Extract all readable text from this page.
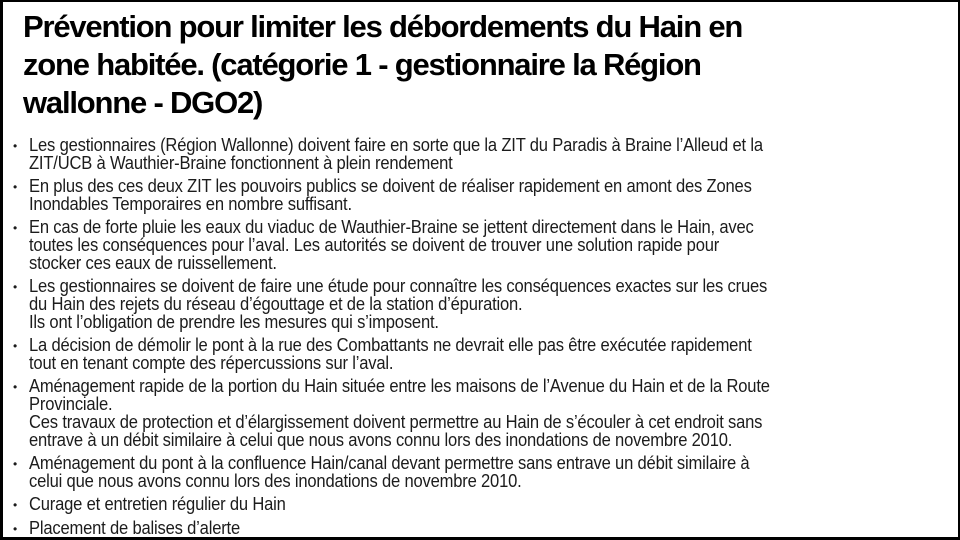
Prévention pour limiter les débordements du Hain en
zone habitée. (catégorie 1 - gestionnaire la Région
wallonne - DGO2)
• Les gestionnaires (Région Wallonne) doivent faire en sorte que la ZIT du Paradis à Braine l’Alleud et la
ZIT/UCB à Wauthier-Braine fonctionnent à plein rendement
• En plus des ces deux ZIT les pouvoirs publics se doivent de réaliser rapidement en amont des Zones
Inondables Temporaires en nombre suffisant.
• En cas de forte pluie les eaux du viaduc de Wauthier-Braine se jettent directement dans le Hain, avec
toutes les conséquences pour l’aval. Les autorités se doivent de trouver une solution rapide pour
stocker ces eaux de ruissellement.
• Les gestionnaires se doivent de faire une étude pour connaître les conséquences exactes sur les crues
du Hain des rejets du réseau d’égouttage et de la station d’épuration.
Ils ont l’obligation de prendre les mesures qui s’imposent.
• La décision de démolir le pont à la rue des Combattants ne devrait elle pas être exécutée rapidement
tout en tenant compte des répercussions sur l’aval.
• Aménagement rapide de la portion du Hain située entre les maisons de l’Avenue du Hain et de la Route
Provinciale.
Ces travaux de protection et d’élargissement doivent permettre au Hain de s’écouler à cet endroit sans
entrave à un débit similaire à celui que nous avons connu lors des inondations de novembre 2010.
• Aménagement du pont à la confluence Hain/canal devant permettre sans entrave un débit similaire à
celui que nous avons connu lors des inondations de novembre 2010.
• Curage et entretien régulier du Hain
• Placement de balises d’alerte
